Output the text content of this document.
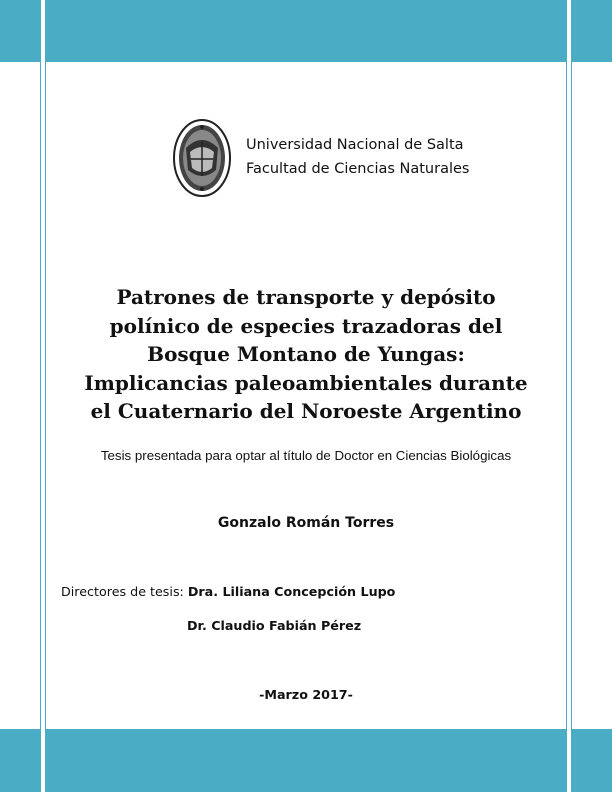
Universidad Nacional de Salta
Facultad de Ciencias Naturales
Patrones de transporte y depósito
polínico de especies trazadoras del
Bosque Montano de Yungas:
Implicancias paleoambientales durante
el Cuaternario del Noroeste Argentino
Tesis presentada para optar al título de Doctor en Ciencias Biológicas
Gonzalo Román Torres
Directores de tesis: Dra. Liliana Concepción Lupo
Dr. Claudio Fabián Pérez
-Marzo 2017-
